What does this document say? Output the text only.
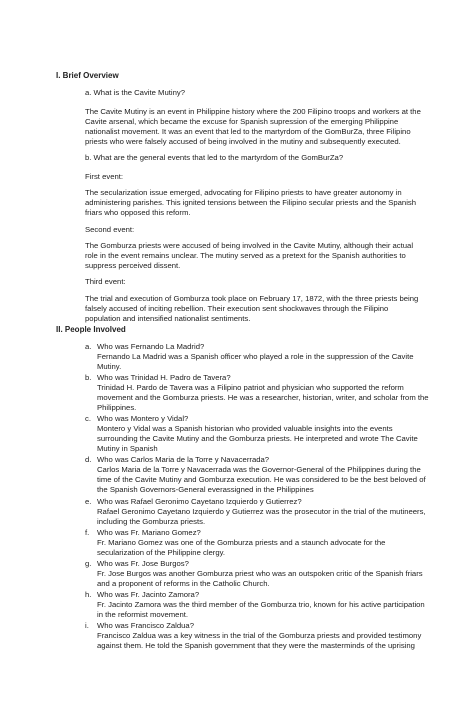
I. Brief Overview

a. What is the Cavite Mutiny?

The Cavite Mutiny is an event in Philippine history where the 200 Filipino troops and workers at the Cavite arsenal, which became the excuse for Spanish supression of the emerging Philippine nationalist movement. It was an event that led to the martyrdom of the GomBurZa, three Filipino priests who were falsely accused of being involved in the mutiny and subsequently executed.

b. What are the general events that led to the martyrdom of the GomBurZa?

First event:

The secularization issue emerged, advocating for Filipino priests to have greater autonomy in administering parishes. This ignited tensions between the Filipino secular priests and the Spanish friars who opposed this reform.

Second event:

The Gomburza priests were accused of being involved in the Cavite Mutiny, although their actual role in the event remains unclear. The mutiny served as a pretext for the Spanish authorities to suppress perceived dissent.

Third event:

The trial and execution of Gomburza took place on February 17, 1872, with the three priests being falsely accused of inciting rebellion. Their execution sent shockwaves through the Filipino population and intensified nationalist sentiments.

II. People Involved
a. Who was Fernando La Madrid?
Fernando La Madrid was a Spanish officer who played a role in the suppression of the Cavite Mutiny.
b. Who was Trinidad H. Padro de Tavera?
Trinidad H. Pardo de Tavera was a Filipino patriot and physician who supported the reform movement and the Gomburza priests. He was a researcher, historian, writer, and scholar from the Philippines.
c. Who was Montero y Vidal?
Montero y Vidal was a Spanish historian who provided valuable insights into the events surrounding the Cavite Mutiny and the Gomburza priests. He interpreted and wrote The Cavite Mutiny in Spanish
d. Who was Carlos Maria de la Torre y Navacerrada?
Carlos Maria de la Torre y Navacerrada was the Governor-General of the Philippines during the time of the Cavite Mutiny and Gomburza execution. He was considered to be the best beloved of the Spanish Governors-General everassigned in the Philippines
e. Who was Rafael Geronimo Cayetano Izquierdo y Gutierrez?
Rafael Geronimo Cayetano Izquierdo y Gutierrez was the prosecutor in the trial of the mutineers, including the Gomburza priests.
f.	Who was Fr. Mariano Gomez?
Fr. Mariano Gomez was one of the Gomburza priests and a staunch advocate for the secularization of the Philippine clergy.
g. Who was Fr. Jose Burgos?
Fr. Jose Burgos was another Gomburza priest who was an outspoken critic of the Spanish friars and a proponent of reforms in the Catholic Church.
h. Who was Fr. Jacinto Zamora?
Fr. Jacinto Zamora was the third member of the Gomburza trio, known for his active participation in the reformist movement.
i.	Who was Francisco Zaldua?
Francisco Zaldua was a key witness in the trial of the Gomburza priests and provided testimony against them. He told the Spanish government that they were the masterminds of the uprising
